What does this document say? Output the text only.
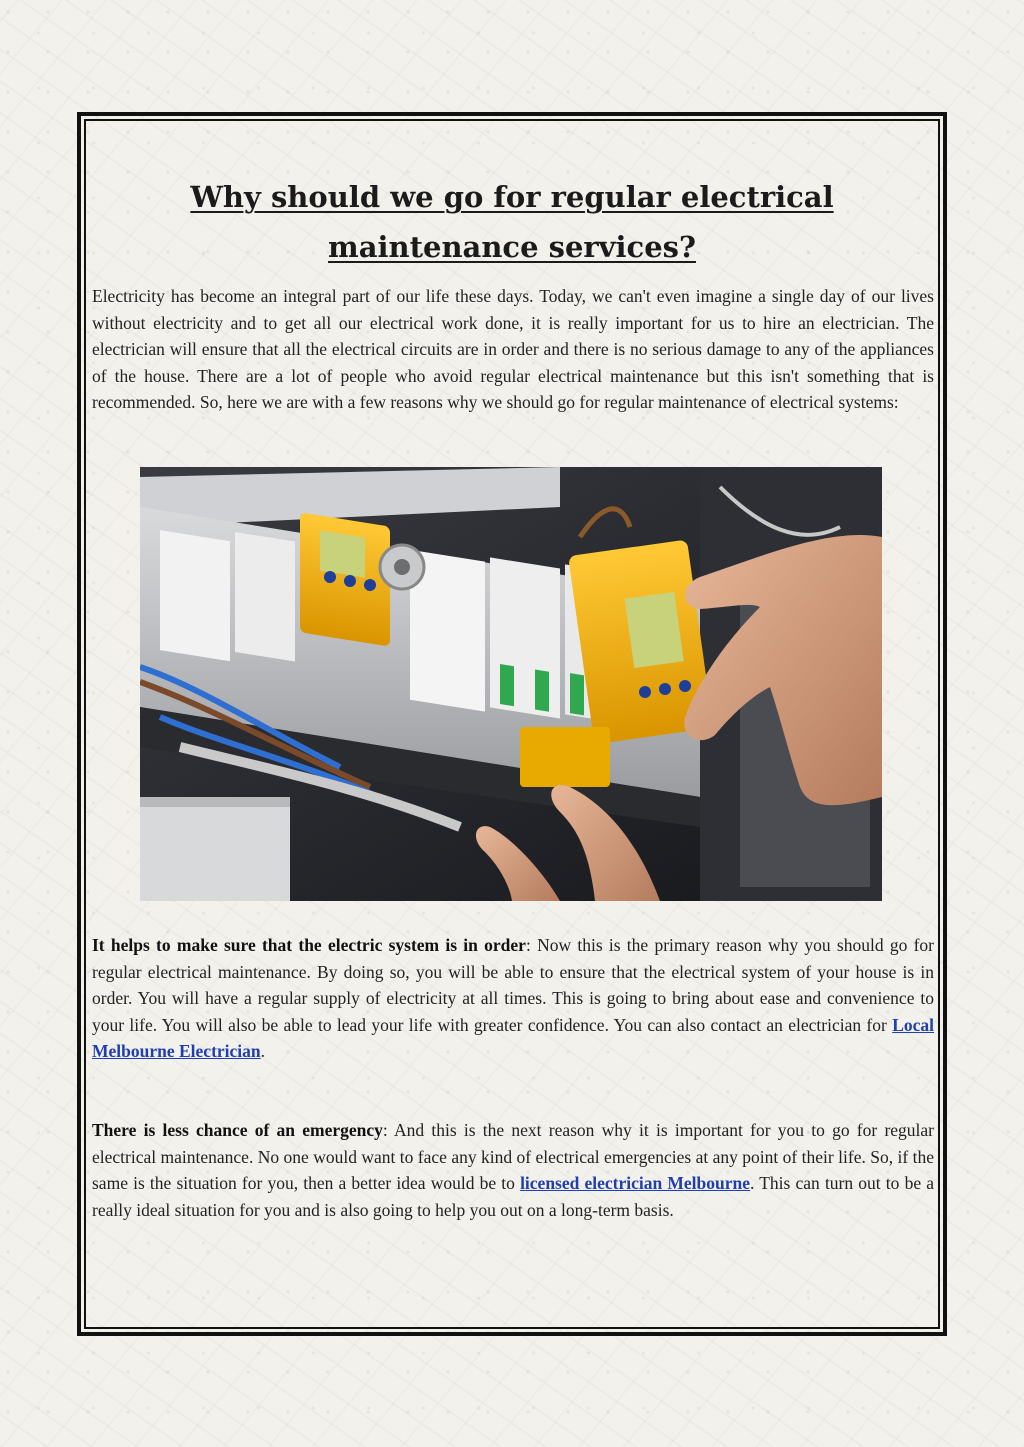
Why should we go for regular electrical maintenance services?

Electricity has become an integral part of our life these days. Today, we can't even imagine a single day of our lives without electricity and to get all our electrical work done, it is really important for us to hire an electrician. The electrician will ensure that all the electrical circuits are in order and there is no serious damage to any of the appliances of the house. There are a lot of people who avoid regular electrical maintenance but this isn't something that is recommended. So, here we are with a few reasons why we should go for regular maintenance of electrical systems:

It helps to make sure that the electric system is in order: Now this is the primary reason why you should go for regular electrical maintenance. By doing so, you will be able to ensure that the electrical system of your house is in order. You will have a regular supply of electricity at all times. This is going to bring about ease and convenience to your life. You will also be able to lead your life with greater confidence. You can also contact an electrician for Local Melbourne Electrician.

There is less chance of an emergency: And this is the next reason why it is important for you to go for regular electrical maintenance. No one would want to face any kind of electrical emergencies at any point of their life. So, if the same is the situation for you, then a better idea would be to licensed electrician Melbourne. This can turn out to be a really ideal situation for you and is also going to help you out on a long-term basis.
